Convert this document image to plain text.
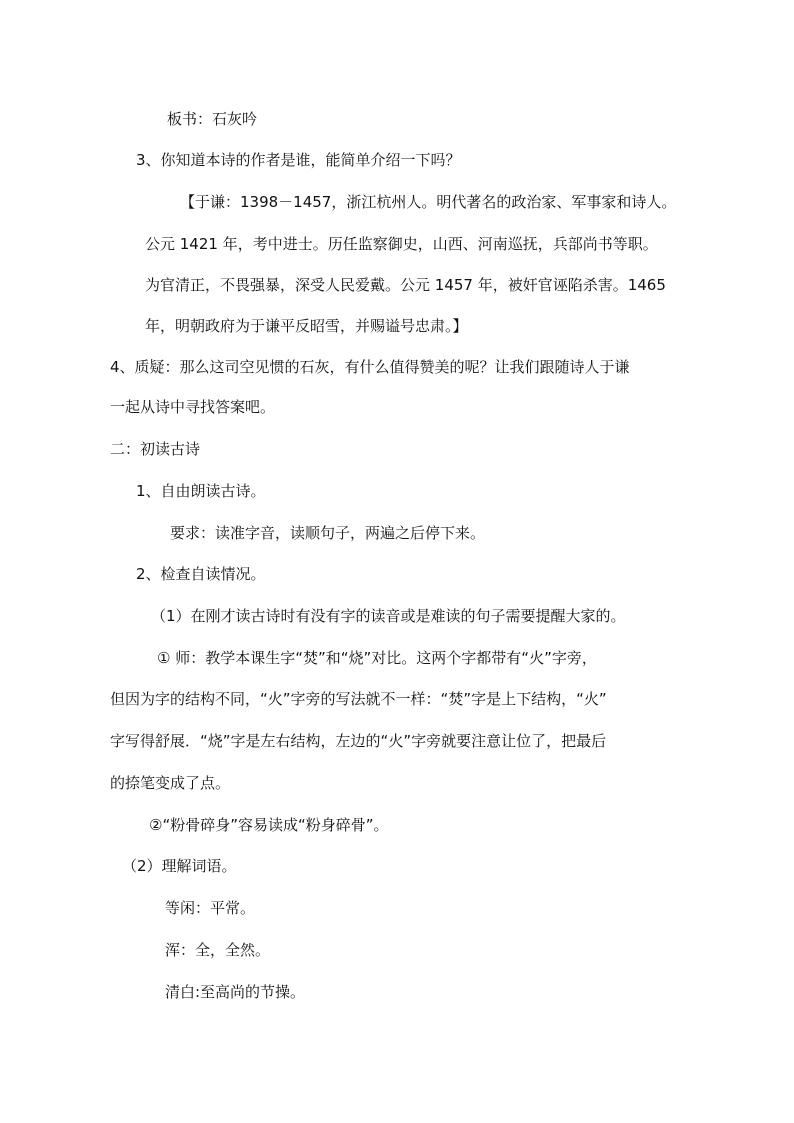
板书：石灰吟
3、你知道本诗的作者是谁，能简单介绍一下吗？
【于谦：1398－1457，浙江杭州人。明代著名的政治家、军事家和诗人。
公元 1421 年，考中进士。历任监察御史，山西、河南巡抚，兵部尚书等职。
为官清正，不畏强暴，深受人民爱戴。公元 1457 年，被奸官诬陷杀害。1465
年，明朝政府为于谦平反昭雪，并赐谥号忠肃。】
4、质疑：那么这司空见惯的石灰，有什么值得赞美的呢？让我们跟随诗人于谦
一起从诗中寻找答案吧。
二：初读古诗
1、自由朗读古诗。
要求：读准字音，读顺句子，两遍之后停下来。
2、检查自读情况。
（1）在刚才读古诗时有没有字的读音或是难读的句子需要提醒大家的。
① 师：教学本课生字“焚”和“烧”对比。这两个字都带有“火”字旁，
但因为字的结构不同，“火”字旁的写法就不一样：“焚”字是上下结构，“火”
字写得舒展．“烧”字是左右结构，左边的“火”字旁就要注意让位了，把最后
的捺笔变成了点。
②“粉骨碎身”容易读成“粉身碎骨”。
（2）理解词语。
等闲：平常。
浑：全，全然。
清白:至高尚的节操。
